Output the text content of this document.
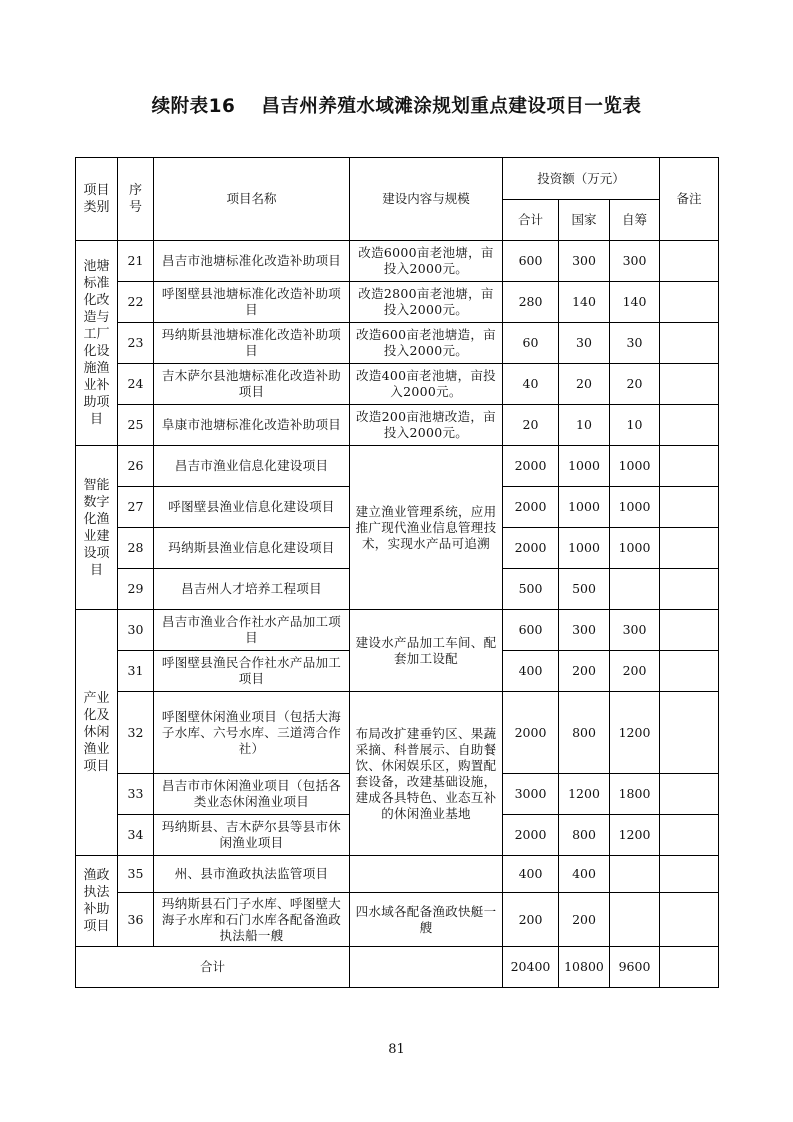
续附表16 昌吉州养殖水域滩涂规划重点建设项目一览表
项目类别	序号	项目名称	建设内容与规模	投资额（万元）			备注
				合计	国家	自筹	
池塘标准化改造与工厂化设施渔业补助项目	21	昌吉市池塘标准化改造补助项目	改造6000亩老池塘，亩投入2000元。	600	300	300	
	22	呼图壁县池塘标准化改造补助项目	改造2800亩老池塘，亩投入2000元。	280	140	140	
	23	玛纳斯县池塘标准化改造补助项目	改造600亩老池塘造，亩投入2000元。	60	30	30	
	24	吉木萨尔县池塘标准化改造补助项目	改造400亩老池塘，亩投入2000元。	40	20	20	
	25	阜康市池塘标准化改造补助项目	改造200亩池塘改造，亩投入2000元。	20	10	10	
智能数字化渔业建设项目	26	昌吉市渔业信息化建设项目	建立渔业管理系统，应用推广现代渔业信息管理技术，实现水产品可追溯	2000	1000	1000	
	27	呼图壁县渔业信息化建设项目		2000	1000	1000	
	28	玛纳斯县渔业信息化建设项目		2000	1000	1000	
	29	昌吉州人才培养工程项目		500	500		
产业化及休闲渔业项目	30	昌吉市渔业合作社水产品加工项目	建设水产品加工车间、配套加工设配	600	300	300	
	31	呼图壁县渔民合作社水产品加工项目		400	200	200	
	32	呼图壁休闲渔业项目（包括大海子水库、六号水库、三道湾合作社）	布局改扩建垂钓区、果蔬采摘、科普展示、自助餐饮、休闲娱乐区，购置配套设备，改建基础设施，建成各具特色、业态互补的休闲渔业基地	2000	800	1200	
	33	昌吉市市休闲渔业项目（包括各类业态休闲渔业项目		3000	1200	1800	
	34	玛纳斯县、吉木萨尔县等县市休闲渔业项目		2000	800	1200	
渔政执法补助项目	35	州、县市渔政执法监管项目		400	400		
	36	玛纳斯县石门子水库、呼图壁大海子水库和石门水库各配备渔政执法船一艘	四水域各配备渔政快艇一艘	200	200		
合计				20400	10800	9600	
81
